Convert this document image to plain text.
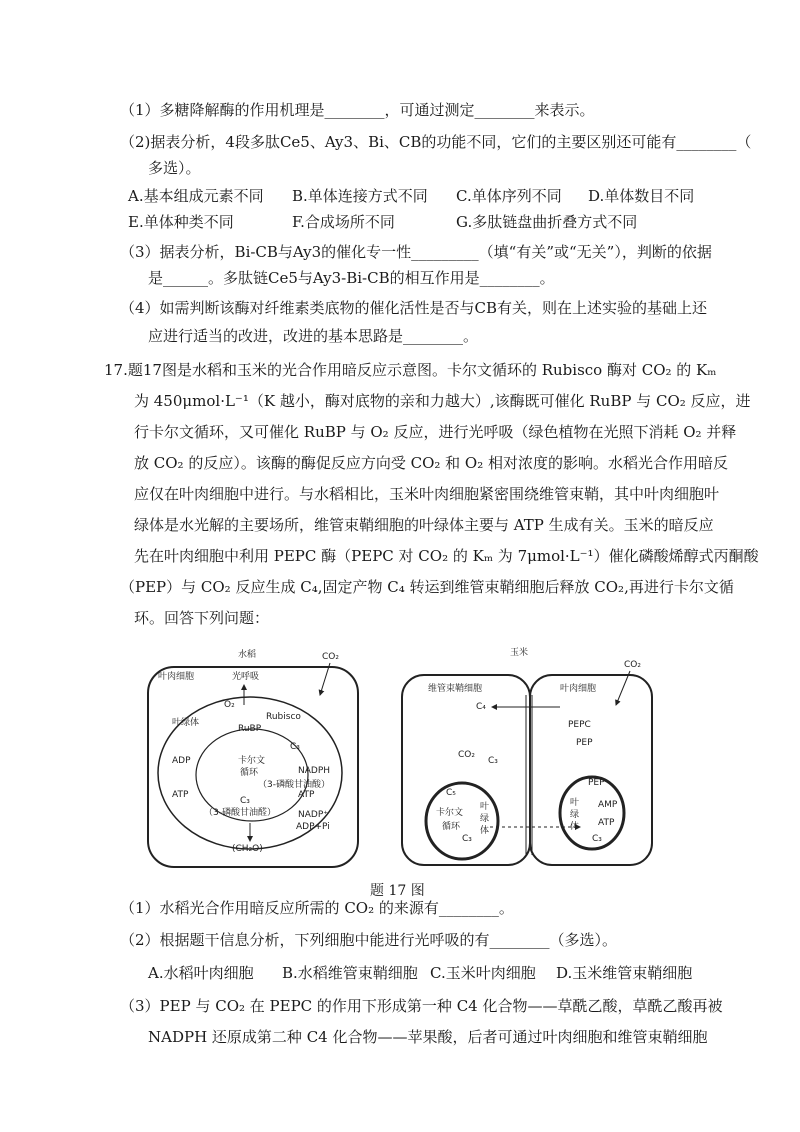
（1）多糖降解酶的作用机理是________，可通过测定________来表示。
（2)据表分析，4段多肽Ce5、Ay3、Bi、CB的功能不同，它们的主要区别还可能有________（
多选）。
A.基本组成元素不同 B.单体连接方式不同 C.单体序列不同 D.单体数目不同
E.单体种类不同	F.合成场所不同	G.多肽链盘曲折叠方式不同
（3）据表分析，Bi-CB与Ay3的催化专一性_________（填“有关”或“无关”），判断的依据
是______。多肽链Ce5与Ay3-Bi-CB的相互作用是________。
（4）如需判断该酶对纤维素类底物的催化活性是否与CB有关，则在上述实验的基础上还
应进行适当的改进，改进的基本思路是________。
17.题17图是水稻和玉米的光合作用暗反应示意图。卡尔文循环的 Rubisco 酶对 CO₂ 的 Kₘ
为 450μmol·L⁻¹（K 越小，酶对底物的亲和力越大）,该酶既可催化 RuBP 与 CO₂ 反应，进
行卡尔文循环，又可催化 RuBP 与 O₂ 反应，进行光呼吸（绿色植物在光照下消耗 O₂ 并释
放 CO₂ 的反应）。该酶的酶促反应方向受 CO₂ 和 O₂ 相对浓度的影响。水稻光合作用暗反
应仅在叶肉细胞中进行。与水稻相比，玉米叶肉细胞紧密围绕维管束鞘，其中叶肉细胞叶
绿体是水光解的主要场所，维管束鞘细胞的叶绿体主要与 ATP 生成有关。玉米的暗反应
先在叶肉细胞中利用 PEPC 酶（PEPC 对 CO₂ 的 Kₘ 为 7μmol·L⁻¹）催化磷酸烯醇式丙酮酸
（PEP）与 CO₂ 反应生成 C₄,固定产物 C₄ 转运到维管束鞘细胞后释放 CO₂,再进行卡尔文循
环。回答下列问题：
水稻
叶肉细胞	光呼吸
CO₂
O₂
Rubisco
叶绿体
RuBP
ADP	卡尔文
循环
C₃
（3-磷酸甘油酸）
NADPH
ATP
C₃
ATP
（3-磷酸甘油醛） NADP⁺
ADP+Pi
(CH₂O)
玉米
维管束鞘细胞	叶肉细胞
CO₂
C₄
PEPC
PEP
CO₂
C₃
C₅
卡尔文
循环
C₃
叶
绿
体
PEP
叶
绿
体
AMP
ATP
C₃
题 17 图
（1）水稻光合作用暗反应所需的 CO₂ 的来源有________。
（2）根据题干信息分析，下列细胞中能进行光呼吸的有________（多选）。
A.水稻叶肉细胞 B.水稻维管束鞘细胞 C.玉米叶肉细胞 D.玉米维管束鞘细胞
（3）PEP 与 CO₂ 在 PEPC 的作用下形成第一种 C4 化合物——草酰乙酸，草酰乙酸再被
NADPH 还原成第二种 C4 化合物——苹果酸，后者可通过叶肉细胞和维管束鞘细胞
